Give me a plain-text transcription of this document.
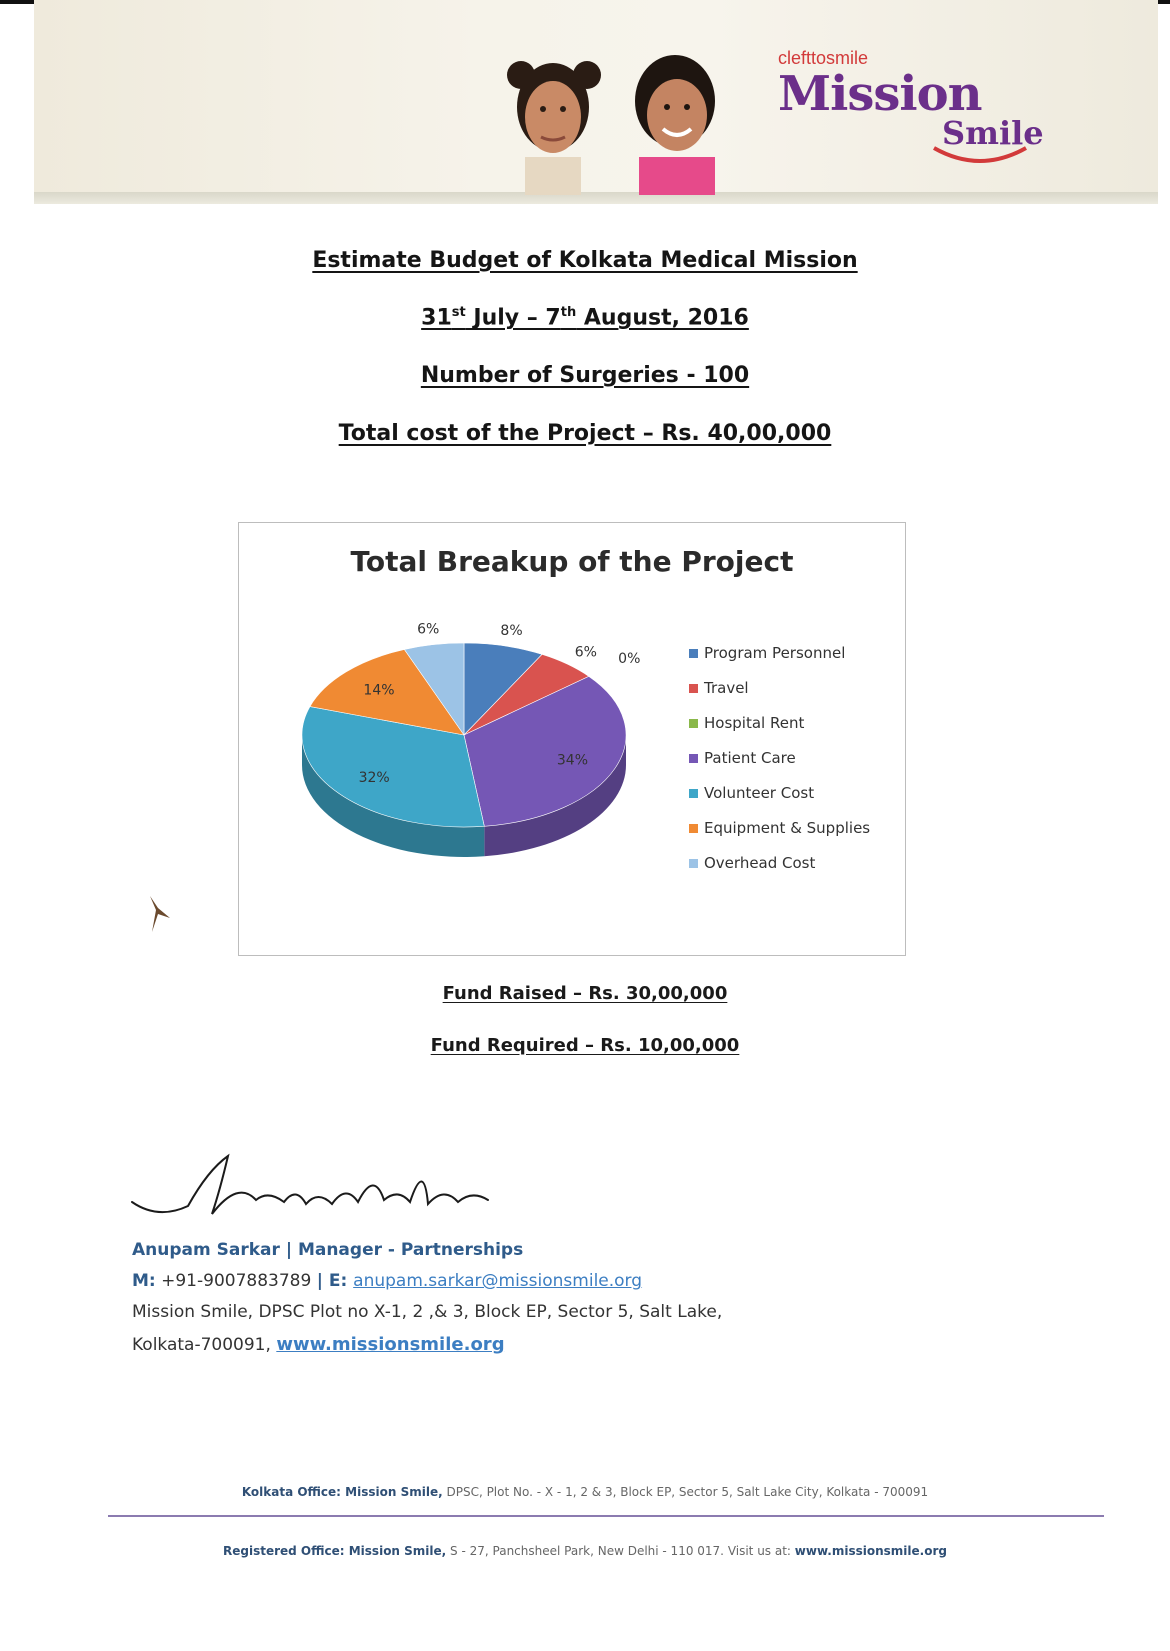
clefttosmile
Mission
Smile
Estimate Budget of Kolkata Medical Mission
31st July – 7th August, 2016
Number of Surgeries - 100
Total cost of the Project – Rs. 40,00,000
Total Breakup of the Project
8%
6% 0%
34%
32%
14%
6%
Program Personnel
Travel
Hospital Rent
Patient Care
Volunteer Cost
Equipment & Supplies
Overhead Cost
Fund Raised – Rs. 30,00,000
Fund Required – Rs. 10,00,000
Anupam Sarkar | Manager - Partnerships
M: +91-9007883789 | E: anupam.sarkar@missionsmile.org
Mission Smile, DPSC Plot no X-1, 2 ,& 3, Block EP, Sector 5, Salt Lake,
Kolkata-700091, www.missionsmile.org
Kolkata Office: Mission Smile, DPSC, Plot No. - X - 1, 2 & 3, Block EP, Sector 5, Salt Lake City, Kolkata - 700091
Registered Office: Mission Smile, S - 27, Panchsheel Park, New Delhi - 110 017. Visit us at: www.missionsmile.org
